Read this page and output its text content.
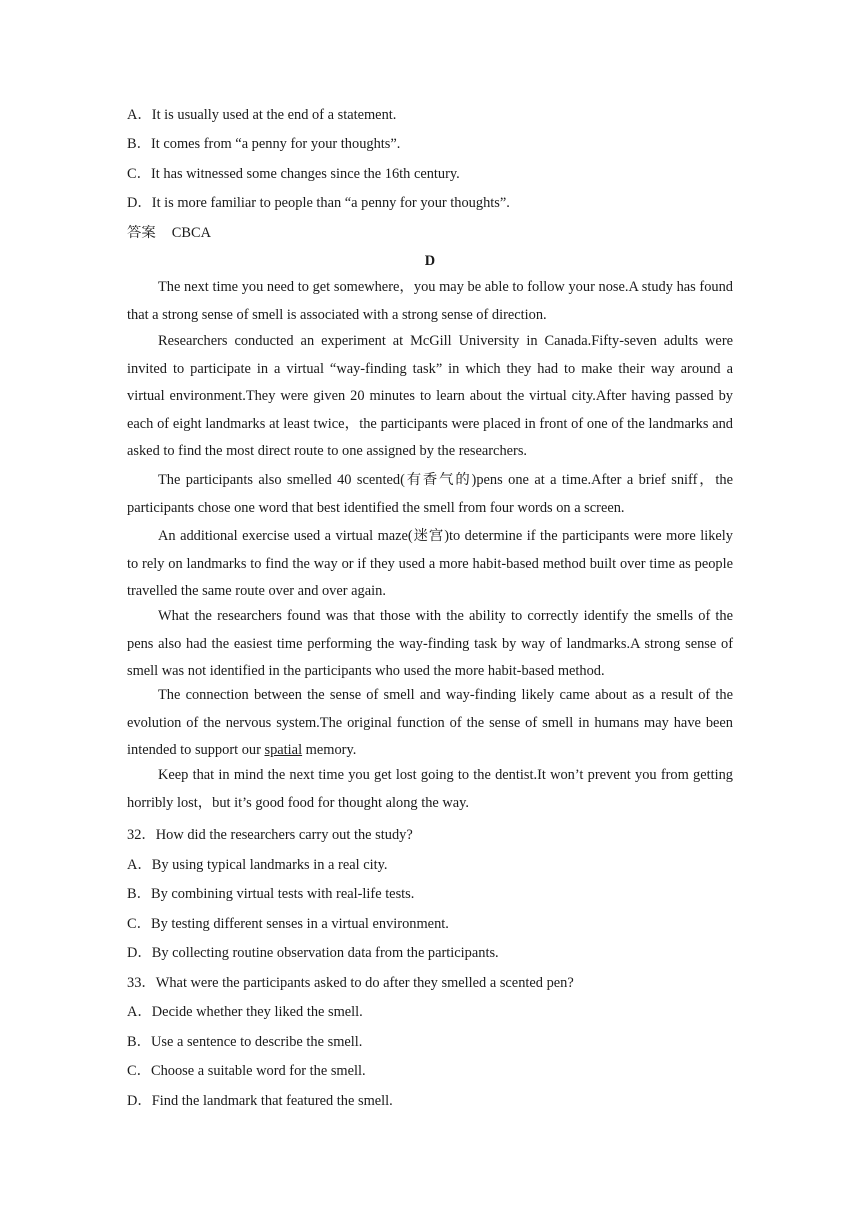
A．It is usually used at the end of a statement.
B．It comes from “a penny for your thoughts”.
C．It has witnessed some changes since the 16th century.
D．It is more familiar to people than “a penny for your thoughts”.
答案 CBCA
D

The next time you need to get somewhere，you may be able to follow your nose.A study has found that a strong sense of smell is associated with a strong sense of direction.

Researchers conducted an experiment at McGill University in Canada.Fifty-seven adults were invited to participate in a virtual “way-finding task” in which they had to make their way around a virtual environment.They were given 20 minutes to learn about the virtual city.After having passed by each of eight landmarks at least twice，the participants were placed in front of one of the landmarks and asked to find the most direct route to one assigned by the researchers.

The participants also smelled 40 scented(有香气的)pens one at a time.After a brief sniff，the participants chose one word that best identified the smell from four words on a screen.

An additional exercise used a virtual maze(迷宫)to determine if the participants were more likely to rely on landmarks to find the way or if they used a more habit-based method built over time as people travelled the same route over and over again.

What the researchers found was that those with the ability to correctly identify the smells of the pens also had the easiest time performing the way-finding task by way of landmarks.A strong sense of smell was not identified in the participants who used the more habit-based method.

The connection between the sense of smell and way-finding likely came about as a result of the evolution of the nervous system.The original function of the sense of smell in humans may have been intended to support our spatial memory.

Keep that in mind the next time you get lost going to the dentist.It won’t prevent you from getting horribly lost，but it’s good food for thought along the way.

32．How did the researchers carry out the study?
A．By using typical landmarks in a real city.
B．By combining virtual tests with real-life tests.
C．By testing different senses in a virtual environment.
D．By collecting routine observation data from the participants.
33．What were the participants asked to do after they smelled a scented pen?
A．Decide whether they liked the smell.
B．Use a sentence to describe the smell.
C．Choose a suitable word for the smell.
D．Find the landmark that featured the smell.
